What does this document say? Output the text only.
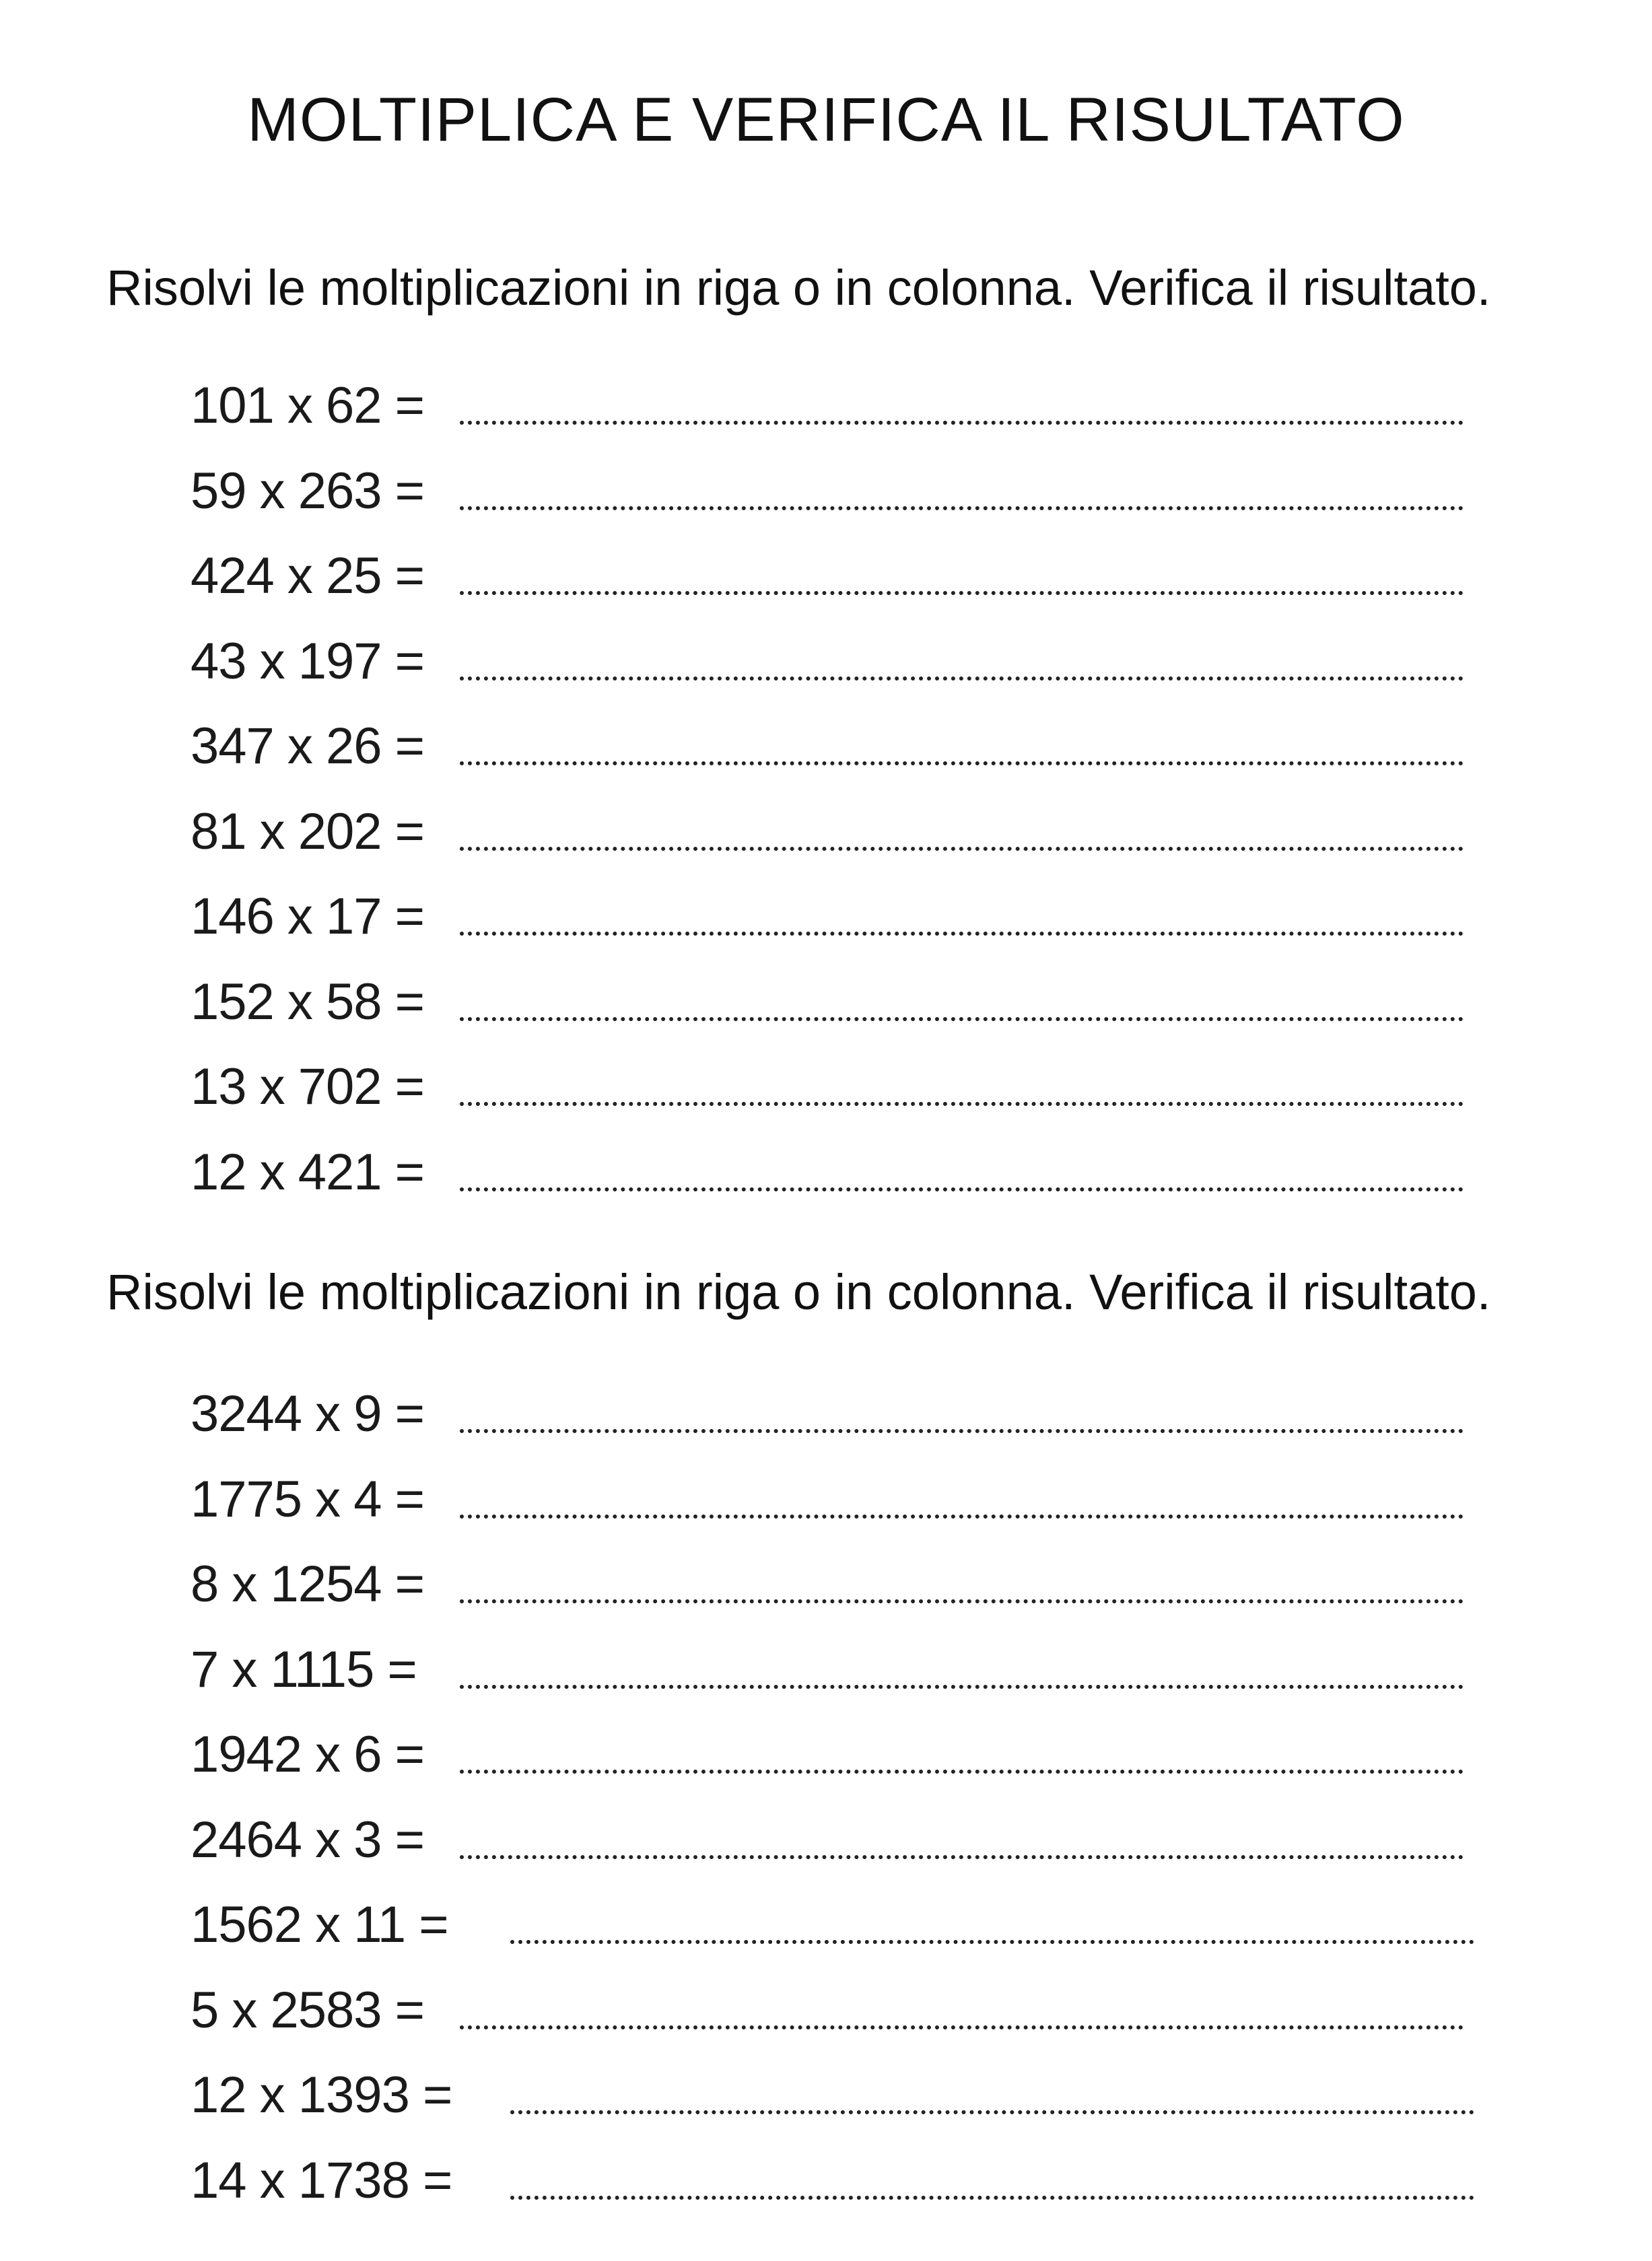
MOLTIPLICA E VERIFICA IL RISULTATO

Risolvi le moltiplicazioni in riga o in colonna. Verifica il risultato.

101 x 62 =
59 x 263 =
424 x 25 =
43 x 197 =
347 x 26 =
81 x 202 =
146 x 17 =
152 x 58 =
13 x 702 =
12 x 421 =

Risolvi le moltiplicazioni in riga o in colonna. Verifica il risultato.

3244 x 9 =
1775 x 4 =
8 x 1254 =
7 x 1115 =
1942 x 6 =
2464 x 3 =
1562 x 11 =
5 x 2583 =
12 x 1393 =
14 x 1738 =
